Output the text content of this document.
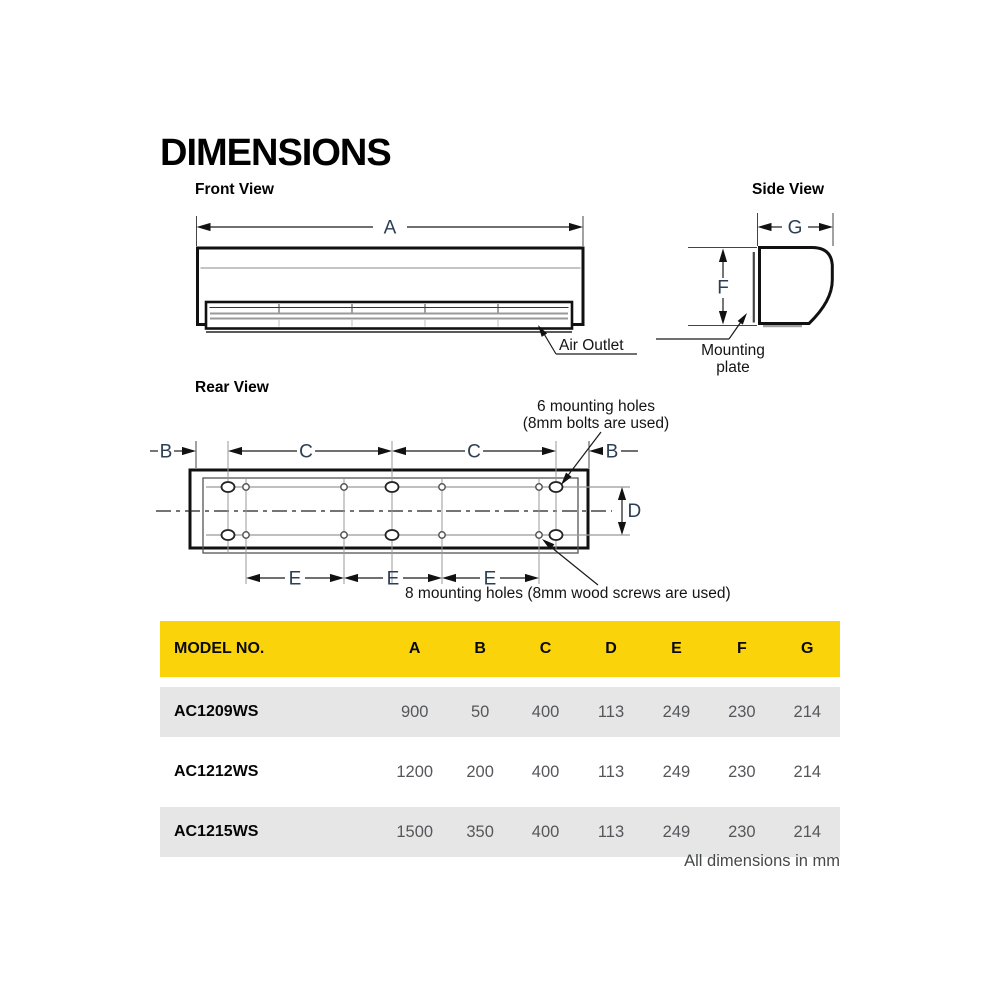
DIMENSIONS
Front View	Side View
Rear View
A
Air Outlet
G
F
Mounting
plate
B	C	C	B
D
E	E	E
6 mounting holes
(8mm bolts are used)
8 mounting holes (8mm wood screws are used)
MODEL NO.	A	B	C	D	E	F	G
AC1209WS	900	50	400	113	249	230	214
AC1212WS	1200	200	400	113	249	230	214
AC1215WS	1500	350	400	113	249	230	214
All dimensions in mm
